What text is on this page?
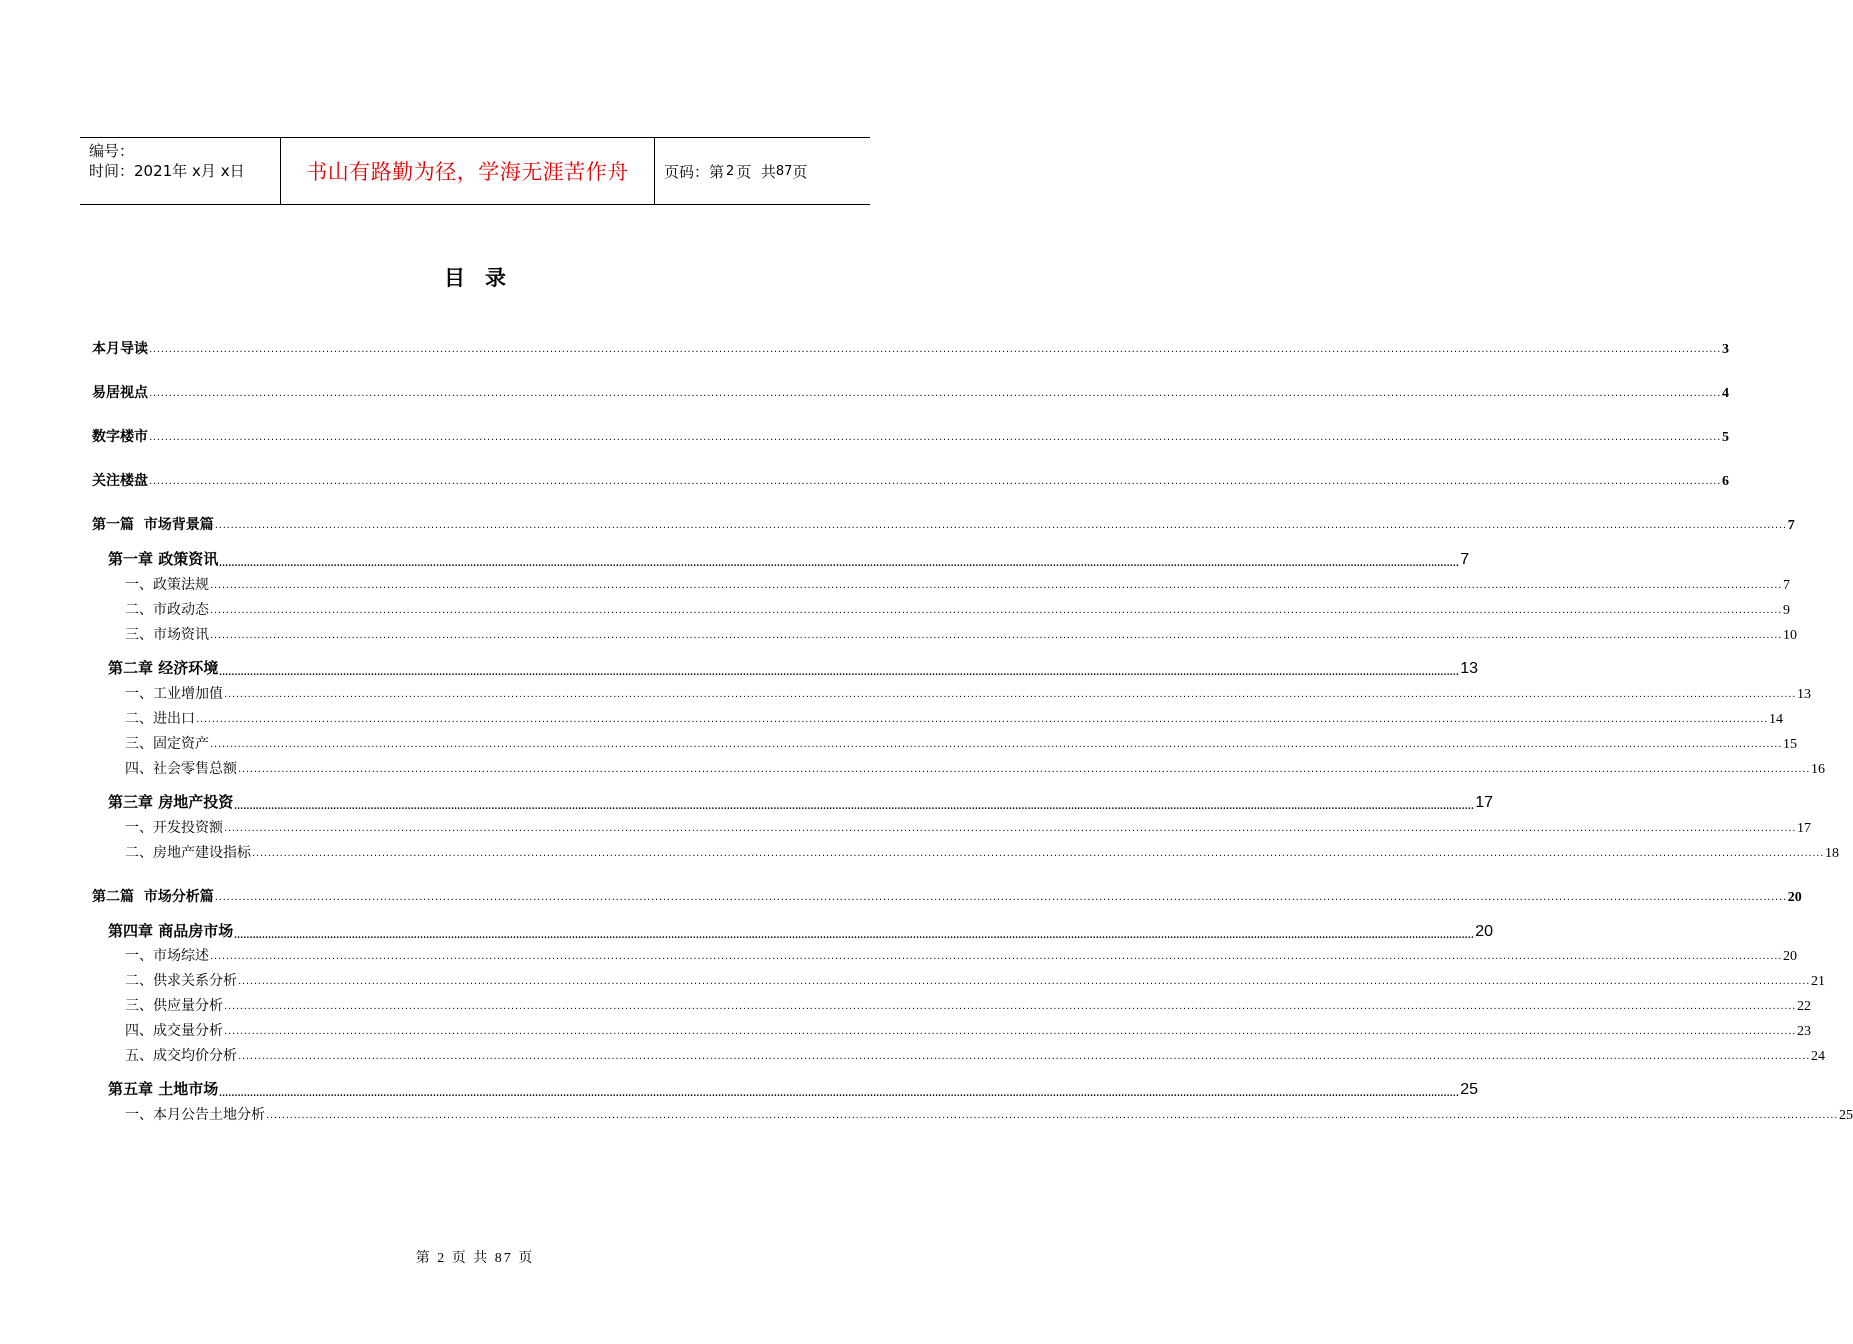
编号：
时间：2021年 x月 x日	书山有路勤为径，学海无涯苦作舟 页码：第 2 页  共 87 页
目录
本月导读 ················································································································································································································································································································································································································ 3
易居视点 ················································································································································································································································································································································································································ 4
数字楼市 ················································································································································································································································································································································································································ 5
关注楼盘 ················································································································································································································································································································································································································ 6
第一篇  市场背景篇 ················································································································································································································································································································································································································ 7
第一章 政策资讯 ................................................................................................................................................................................................................................................................................................................................................................................................................ 7
一、政策法规 ················································································································································································································································································································································································································ 7
二、市政动态 ················································································································································································································································································································································································································ 9
三、市场资讯 ················································································································································································································································································································································································································ 10
第二章 经济环境 ................................................................................................................................................................................................................................................................................................................................................................................................................ 13
一、工业增加值 ················································································································································································································································································································································································································ 13
二、进出口 ················································································································································································································································································································································································································ 14
三、固定资产 ················································································································································································································································································································································································································ 15
四、社会零售总额 ················································································································································································································································································································································································································ 16
第三章 房地产投资 ................................................................................................................................................................................................................................................................................................................................................................................................................ 17
一、开发投资额 ················································································································································································································································································································································································································ 17
二、房地产建设指标 ················································································································································································································································································································································································································ 18
第二篇  市场分析篇 ················································································································································································································································································································································································································ 20
第四章 商品房市场 ................................................................................................................................................................................................................................................................................................................................................................................................................ 20
一、市场综述 ················································································································································································································································································································································································································ 20
二、供求关系分析 ················································································································································································································································································································································································································ 21
三、供应量分析 ················································································································································································································································································································································································································ 22
四、成交量分析 ················································································································································································································································································································································································································ 23
五、成交均价分析 ················································································································································································································································································································································································································ 24
第五章 土地市场 ................................................................................................................................................................................................................................................................................................................................................................................................................ 25
一、本月公告土地分析 ················································································································································································································································································································································································································ 25
第 2 页 共 87 页
